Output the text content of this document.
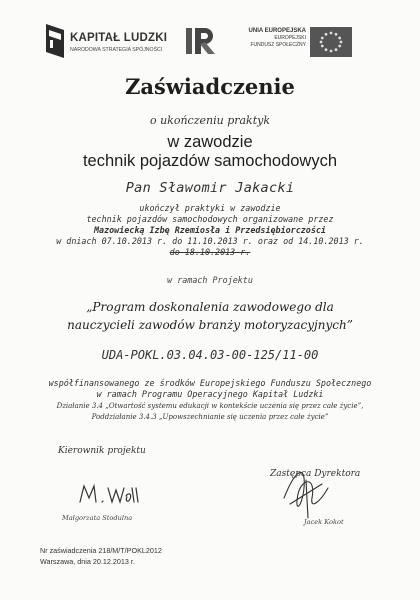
KAPITAŁ LUDZKI
NARODOWA STRATEGIA SPÓJNOŚCI
UNIA EUROPEJSKA
EUROPEJSKI
FUNDUSZ SPOŁECZNY
Zaświadczenie
o ukończeniu praktyk
w zawodzie
technik pojazdów samochodowych
Pan Sławomir Jakacki
ukończył praktyki w zawodzie
technik pojazdów samochodowych organizowane przez
Mazowiecką Izbę Rzemiosła i Przedsiębiorczości
w dniach 07.10.2013 r. do 11.10.2013 r. oraz od 14.10.2013 r.
do 18.10.2013 r.
w ramach Projektu
„Program doskonalenia zawodowego dla
nauczycieli zawodów branży motoryzacyjnych”
UDA-POKL.03.04.03-00-125/11-00
współfinansowanego ze środków Europejskiego Funduszu Społecznego
w ramach Programu Operacyjnego Kapitał Ludzki
Działanie 3.4 „Otwartość systemu edukacji w kontekście uczenia się przez całe życie”,
Poddziałanie 3.4.3 „Upowszechnianie się uczenia przez całe życie”
Kierownik projektu
Małgorzata Stodulna
Zastępca Dyrektora
Jacek Kokot
Nr zaświadczenia 218/M/T/POKL2012
Warszawa, dnia 20.12.2013 r.
